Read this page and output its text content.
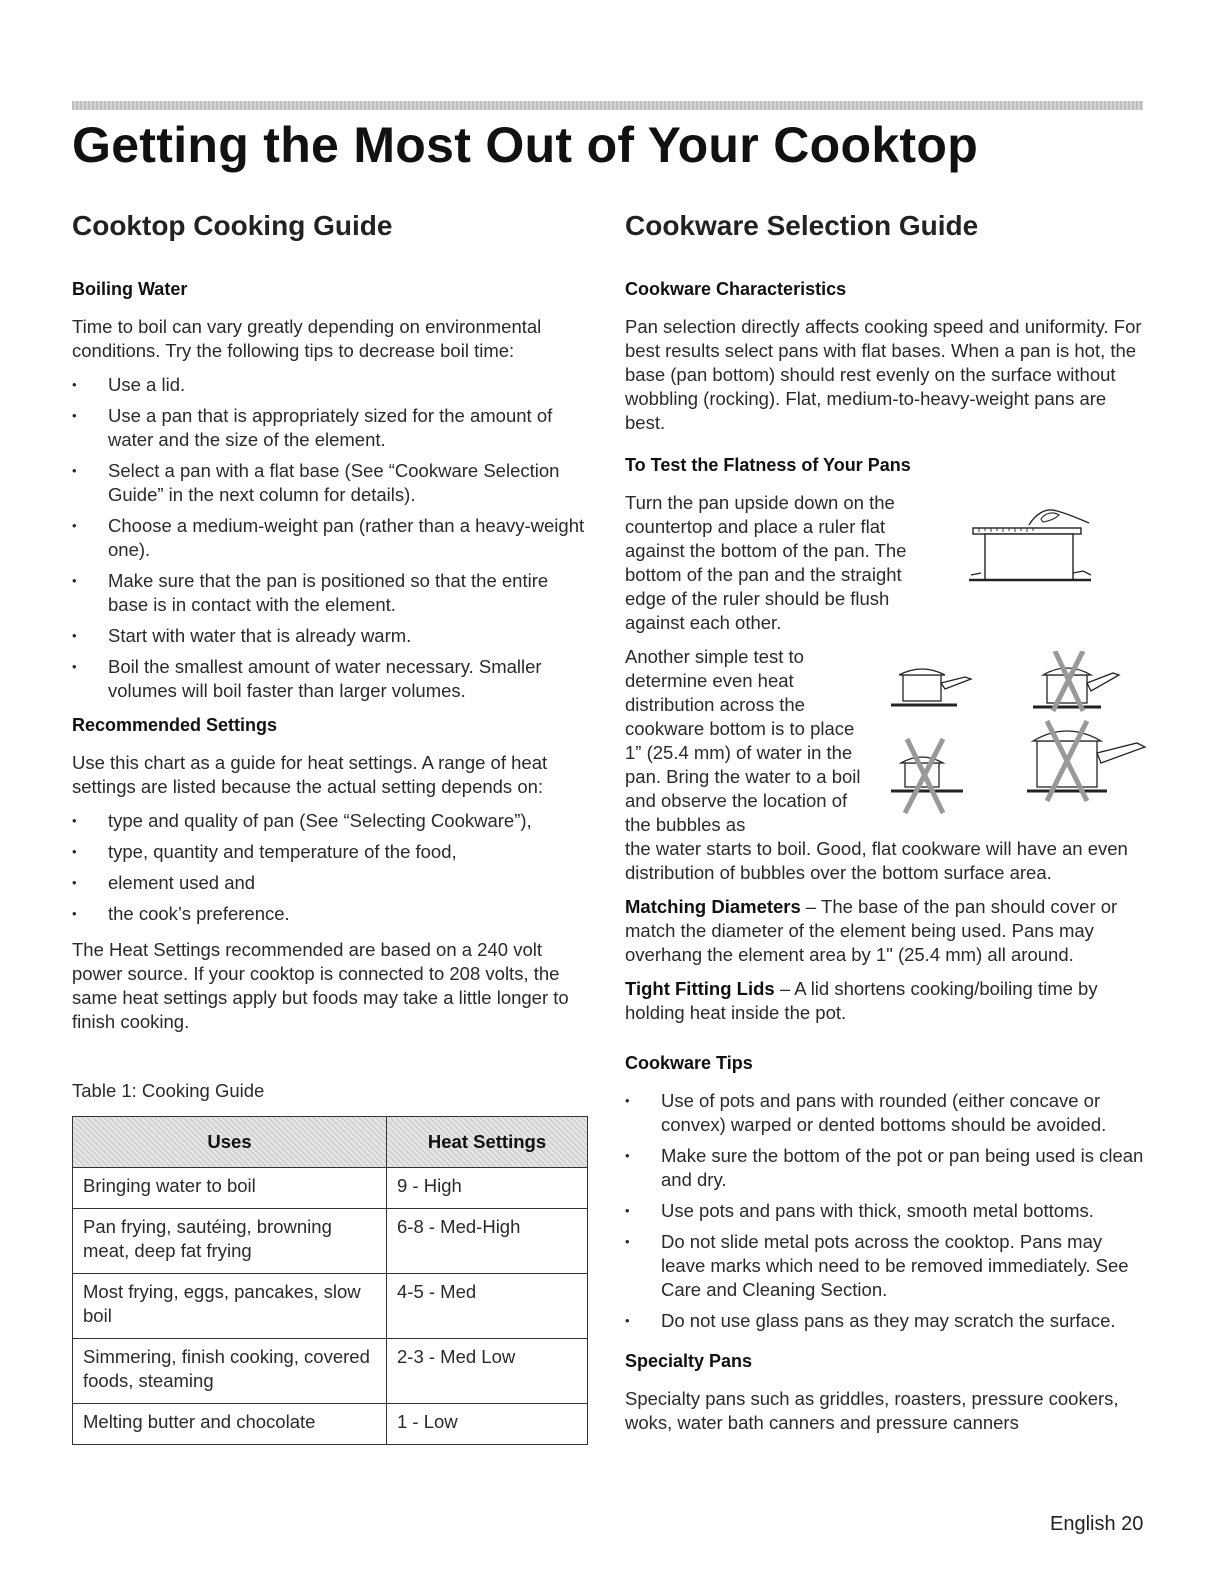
Getting the Most Out of Your Cooktop
Cooktop Cooking Guide
Boiling Water

Time to boil can vary greatly depending on environmental conditions. Try the following tips to decrease boil time:

• Use a lid.
• Use a pan that is appropriately sized for the amount of water and the size of the element.
• Select a pan with a flat base (See “Cookware Selection Guide” in the next column for details).
• Choose a medium-weight pan (rather than a heavy-weight one).
• Make sure that the pan is positioned so that the entire base is in contact with the element.
• Start with water that is already warm.
• Boil the smallest amount of water necessary. Smaller volumes will boil faster than larger volumes.
Recommended Settings

Use this chart as a guide for heat settings. A range of heat settings are listed because the actual setting depends on:

• type and quality of pan (See “Selecting Cookware”),
• type, quantity and temperature of the food,
• element used and
• the cook’s preference.

The Heat Settings recommended are based on a 240 volt power source. If your cooktop is connected to 208 volts, the same heat settings apply but foods may take a little longer to finish cooking.

Table 1: Cooking Guide
Uses	Heat Settings
Bringing water to boil	9 - High
Pan frying, sautéing, browning meat, deep fat frying	6-8 - Med-High
Most frying, eggs, pancakes, slow boil	4-5 - Med
Simmering, finish cooking, covered foods, steaming	2-3 - Med Low
Melting butter and chocolate	1 - Low
Cookware Selection Guide
Cookware Characteristics

Pan selection directly affects cooking speed and uniformity. For best results select pans with flat bases. When a pan is hot, the base (pan bottom) should rest evenly on the surface without wobbling (rocking). Flat, medium-to-heavy-weight pans are best.

To Test the Flatness of Your Pans

Turn the pan upside down on the countertop and place a ruler flat against the bottom of the pan. The bottom of the pan and the straight edge of the ruler should be flush against each other.

Another simple test to determine even heat distribution across the cookware bottom is to place 1” (25.4 mm) of water in the pan. Bring the water to a boil and observe the location of the bubbles as

the water starts to boil. Good, flat cookware will have an even distribution of bubbles over the bottom surface area.

Matching Diameters – The base of the pan should cover or match the diameter of the element being used. Pans may overhang the element area by 1" (25.4 mm) all around.

Tight Fitting Lids – A lid shortens cooking/boiling time by holding heat inside the pot.

Cookware Tips
• Use of pots and pans with rounded (either concave or convex) warped or dented bottoms should be avoided.
• Make sure the bottom of the pot or pan being used is clean and dry.
• Use pots and pans with thick, smooth metal bottoms.
• Do not slide metal pots across the cooktop. Pans may leave marks which need to be removed immediately. See Care and Cleaning Section.
• Do not use glass pans as they may scratch the surface.
Specialty Pans

Specialty pans such as griddles, roasters, pressure cookers, woks, water bath canners and pressure canners

English 20
